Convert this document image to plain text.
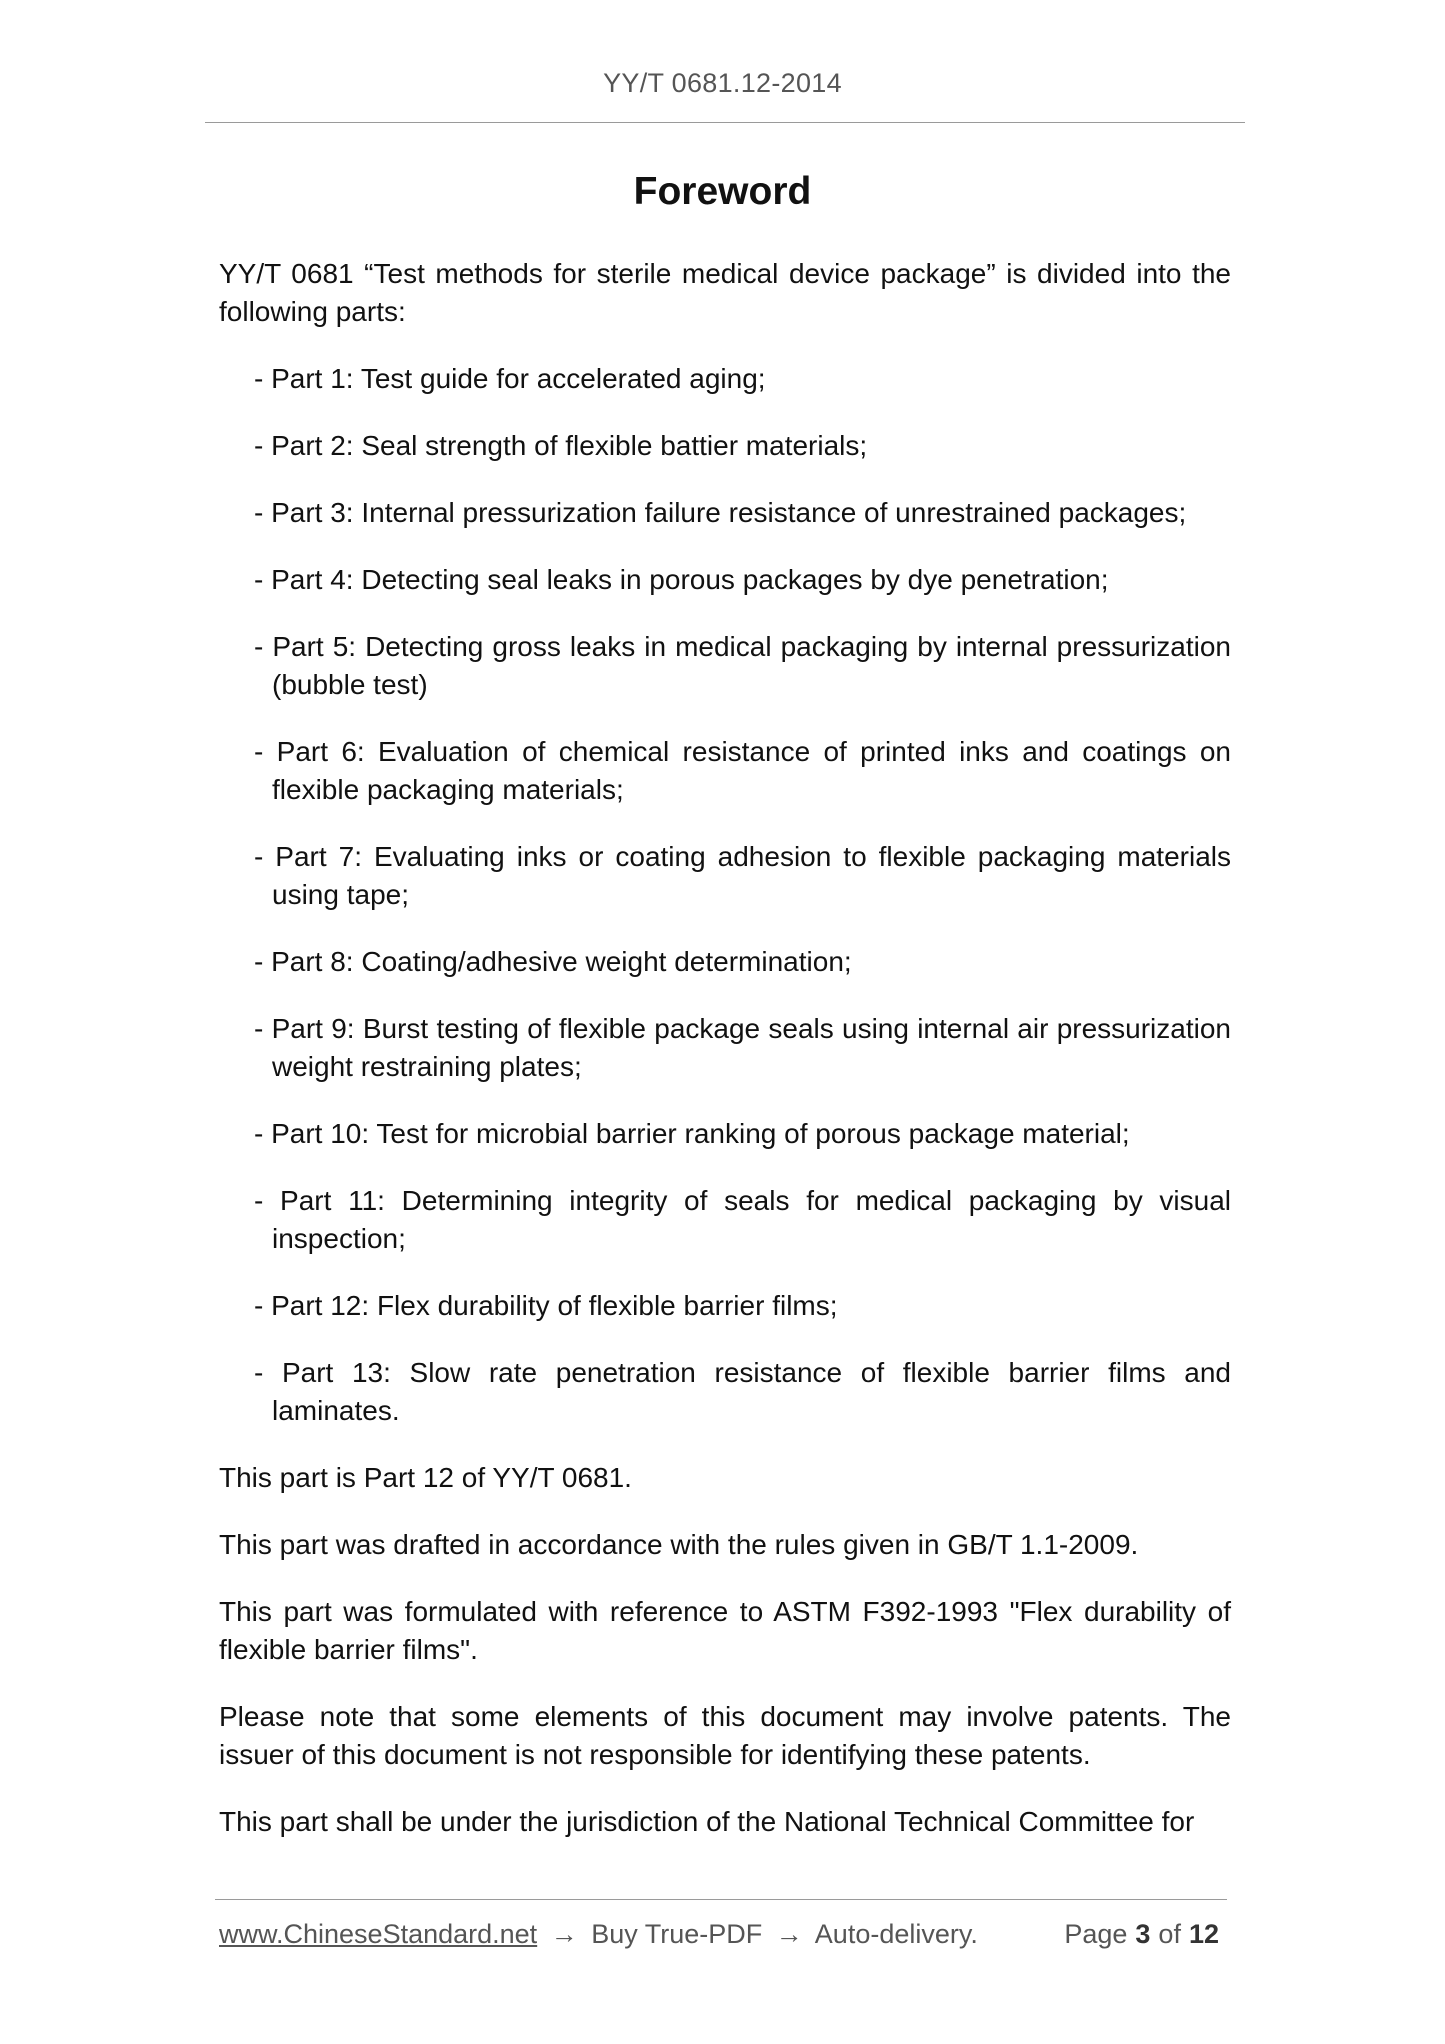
YY/T 0681.12-2014
Foreword

YY/T 0681 “Test methods for sterile medical device package” is divided into the following parts:

- Part 1: Test guide for accelerated aging;
- Part 2: Seal strength of flexible battier materials;
- Part 3: Internal pressurization failure resistance of unrestrained packages;
- Part 4: Detecting seal leaks in porous packages by dye penetration;
- Part 5: Detecting gross leaks in medical packaging by internal pressurization (bubble test)
- Part 6: Evaluation of chemical resistance of printed inks and coatings on flexible packaging materials;
- Part 7: Evaluating inks or coating adhesion to flexible packaging materials using tape;
- Part 8: Coating/adhesive weight determination;
- Part 9: Burst testing of flexible package seals using internal air pressurization weight restraining plates;
- Part 10: Test for microbial barrier ranking of porous package material;
- Part 11: Determining integrity of seals for medical packaging by visual inspection;
- Part 12: Flex durability of flexible barrier films;
- Part 13: Slow rate penetration resistance of flexible barrier films and laminates.

This part is Part 12 of YY/T 0681.

This part was drafted in accordance with the rules given in GB/T 1.1-2009.

This part was formulated with reference to ASTM F392-1993 "Flex durability of flexible barrier films".

Please note that some elements of this document may involve patents. The issuer of this document is not responsible for identifying these patents.

This part shall be under the jurisdiction of the National Technical Committee for

www.ChineseStandard.net → Buy True-PDF → Auto-delivery.	Page 3 of 12
